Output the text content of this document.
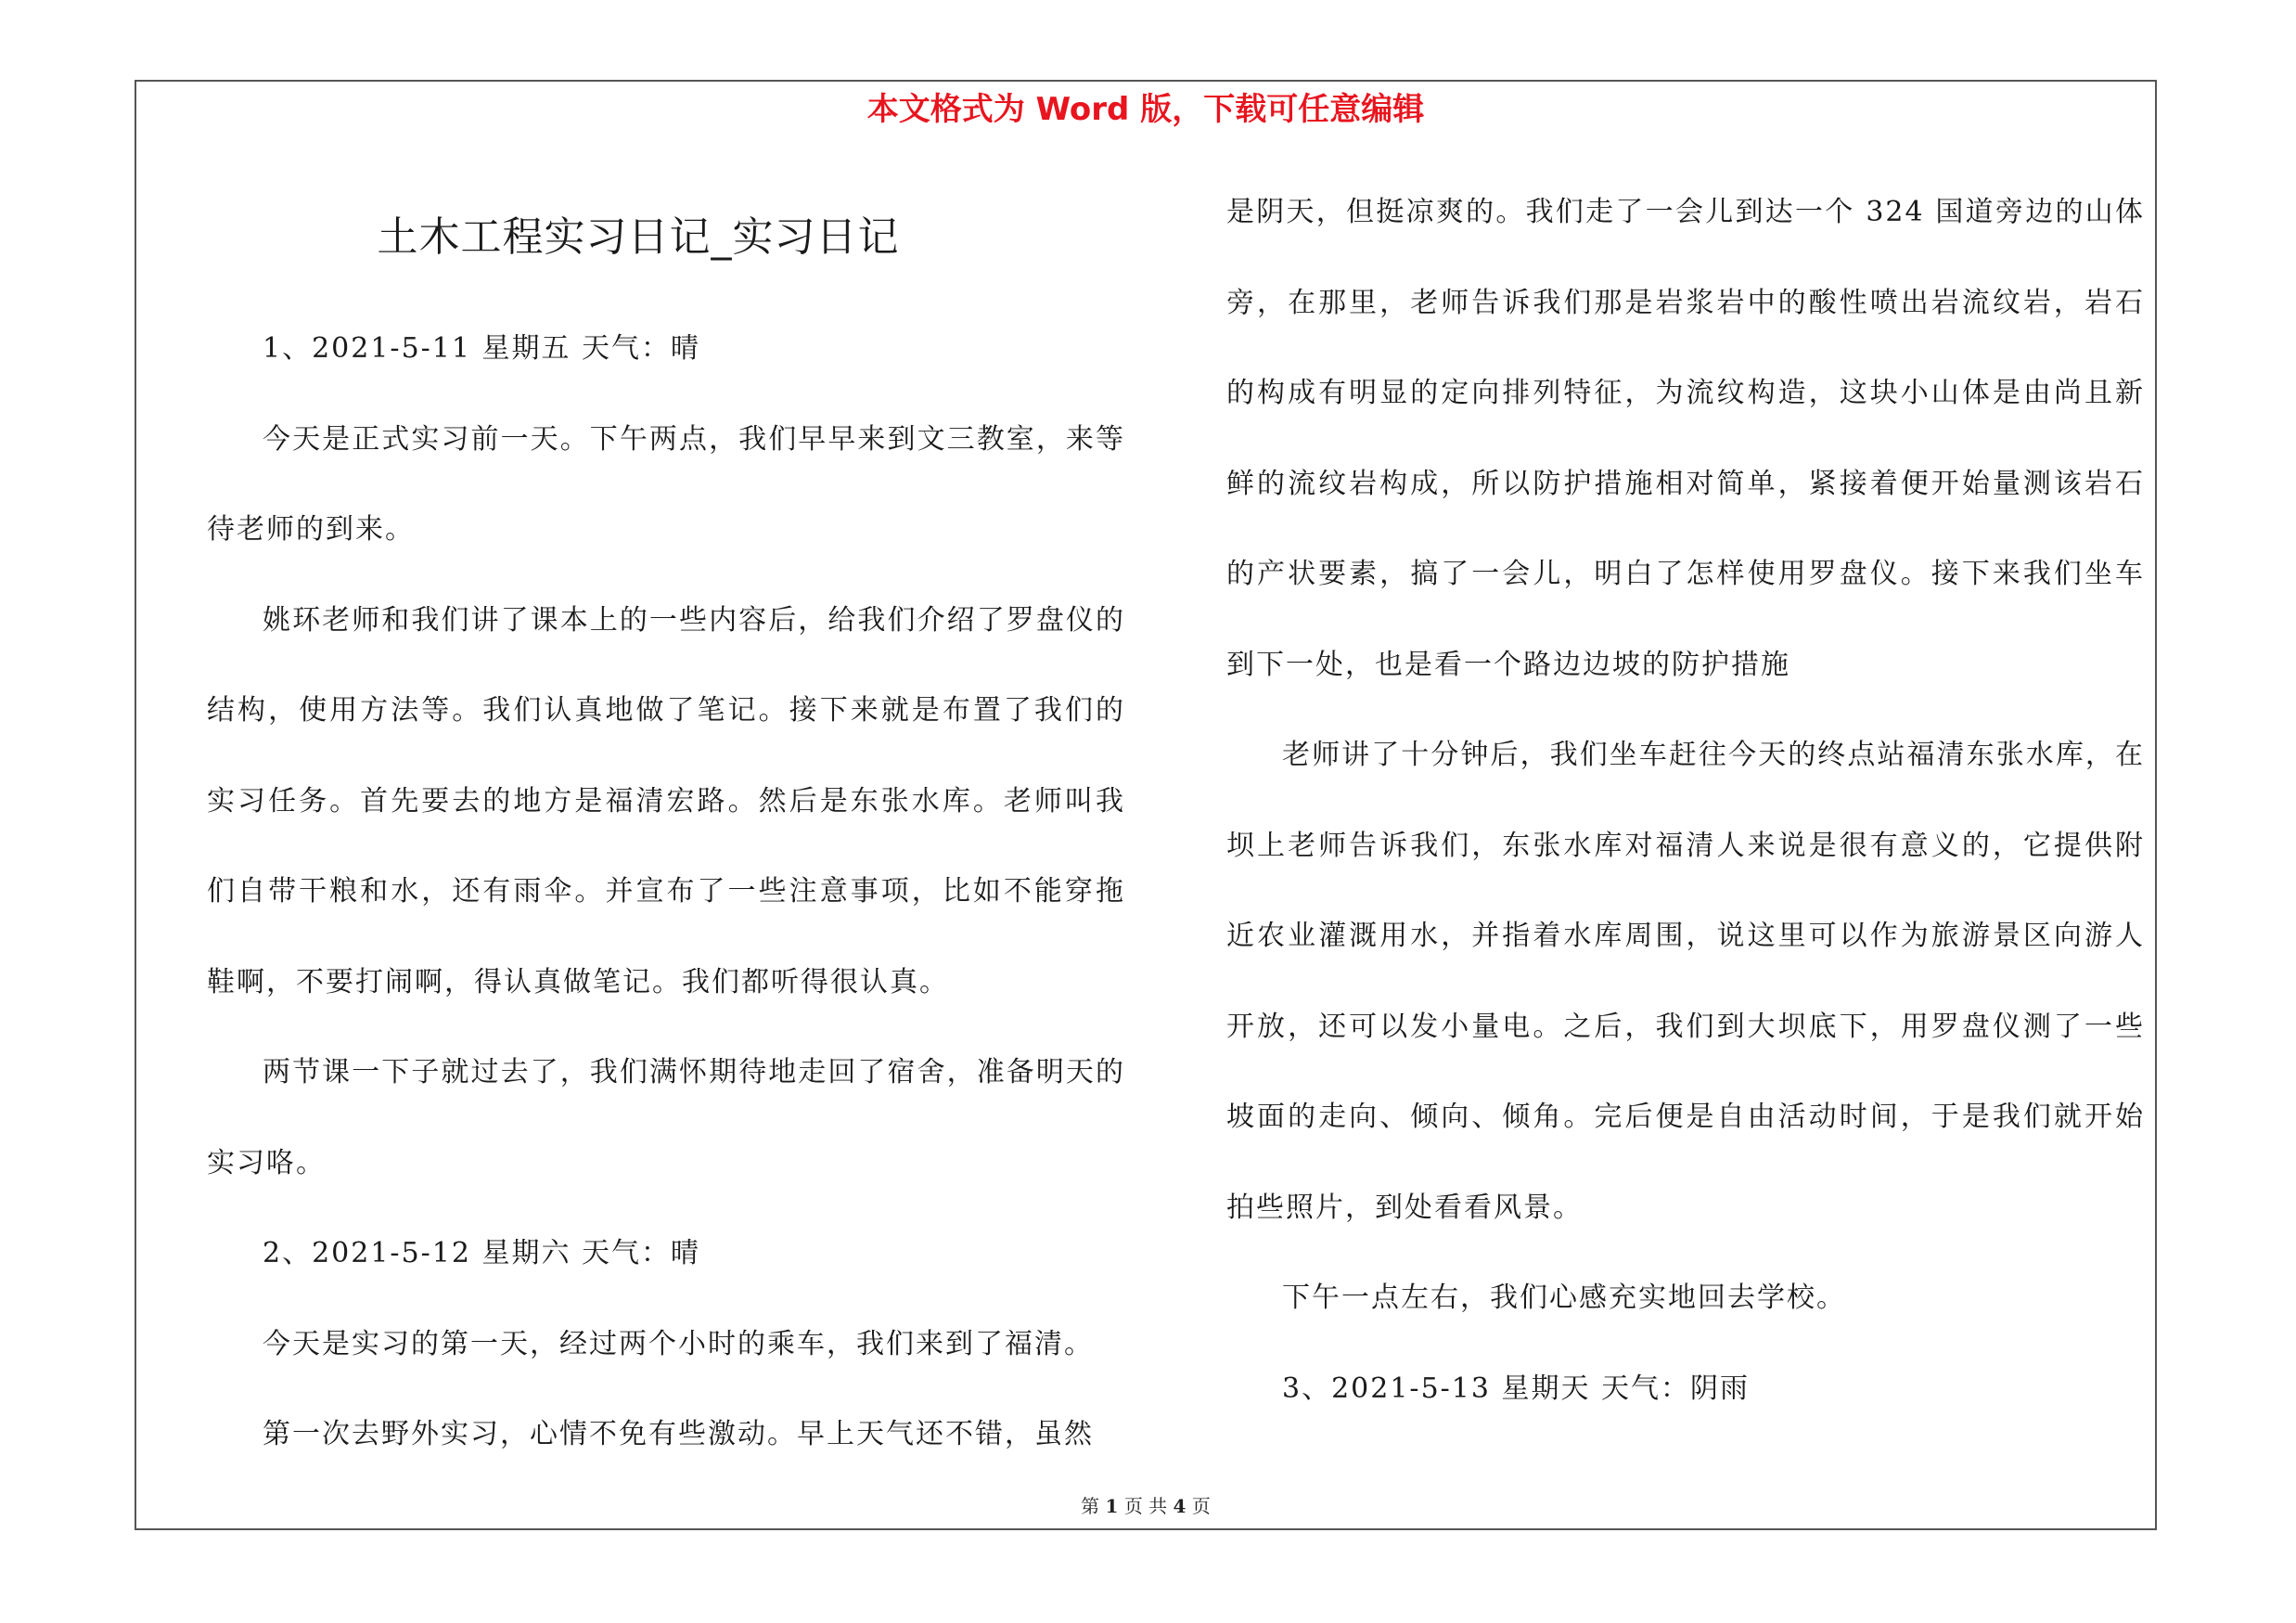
本文格式为 Word 版，下载可任意编辑
土木工程实习日记_实习日记

1、2021-5-11 星期五 天气：晴

今天是正式实习前一天。下午两点，我们早早来到文三教室，来等待老师的到来。

姚环老师和我们讲了课本上的一些内容后，给我们介绍了罗盘仪的结构，使用方法等。我们认真地做了笔记。接下来就是布置了我们的实习任务。首先要去的地方是福清宏路。然后是东张水库。老师叫我们自带干粮和水，还有雨伞。并宣布了一些注意事项，比如不能穿拖鞋啊，不要打闹啊，得认真做笔记。我们都听得很认真。

两节课一下子就过去了，我们满怀期待地走回了宿舍，准备明天的实习咯。

2、2021-5-12 星期六 天气：晴

今天是实习的第一天，经过两个小时的乘车，我们来到了福清。

第一次去野外实习，心情不免有些激动。早上天气还不错，虽然

是阴天，但挺凉爽的。我们走了一会儿到达一个 324 国道旁边的山体旁，在那里，老师告诉我们那是岩浆岩中的酸性喷出岩流纹岩，岩石的构成有明显的定向排列特征，为流纹构造，这块小山体是由尚且新鲜的流纹岩构成，所以防护措施相对简单，紧接着便开始量测该岩石的产状要素，搞了一会儿，明白了怎样使用罗盘仪。接下来我们坐车到下一处，也是看一个路边边坡的防护措施

老师讲了十分钟后，我们坐车赶往今天的终点站福清东张水库，在坝上老师告诉我们，东张水库对福清人来说是很有意义的，它提供附近农业灌溉用水，并指着水库周围，说这里可以作为旅游景区向游人开放，还可以发小量电。之后，我们到大坝底下，用罗盘仪测了一些坡面的走向、倾向、倾角。完后便是自由活动时间，于是我们就开始拍些照片，到处看看风景。

下午一点左右，我们心感充实地回去学校。

3、2021-5-13 星期天 天气：阴雨

第 1 页 共 4 页
